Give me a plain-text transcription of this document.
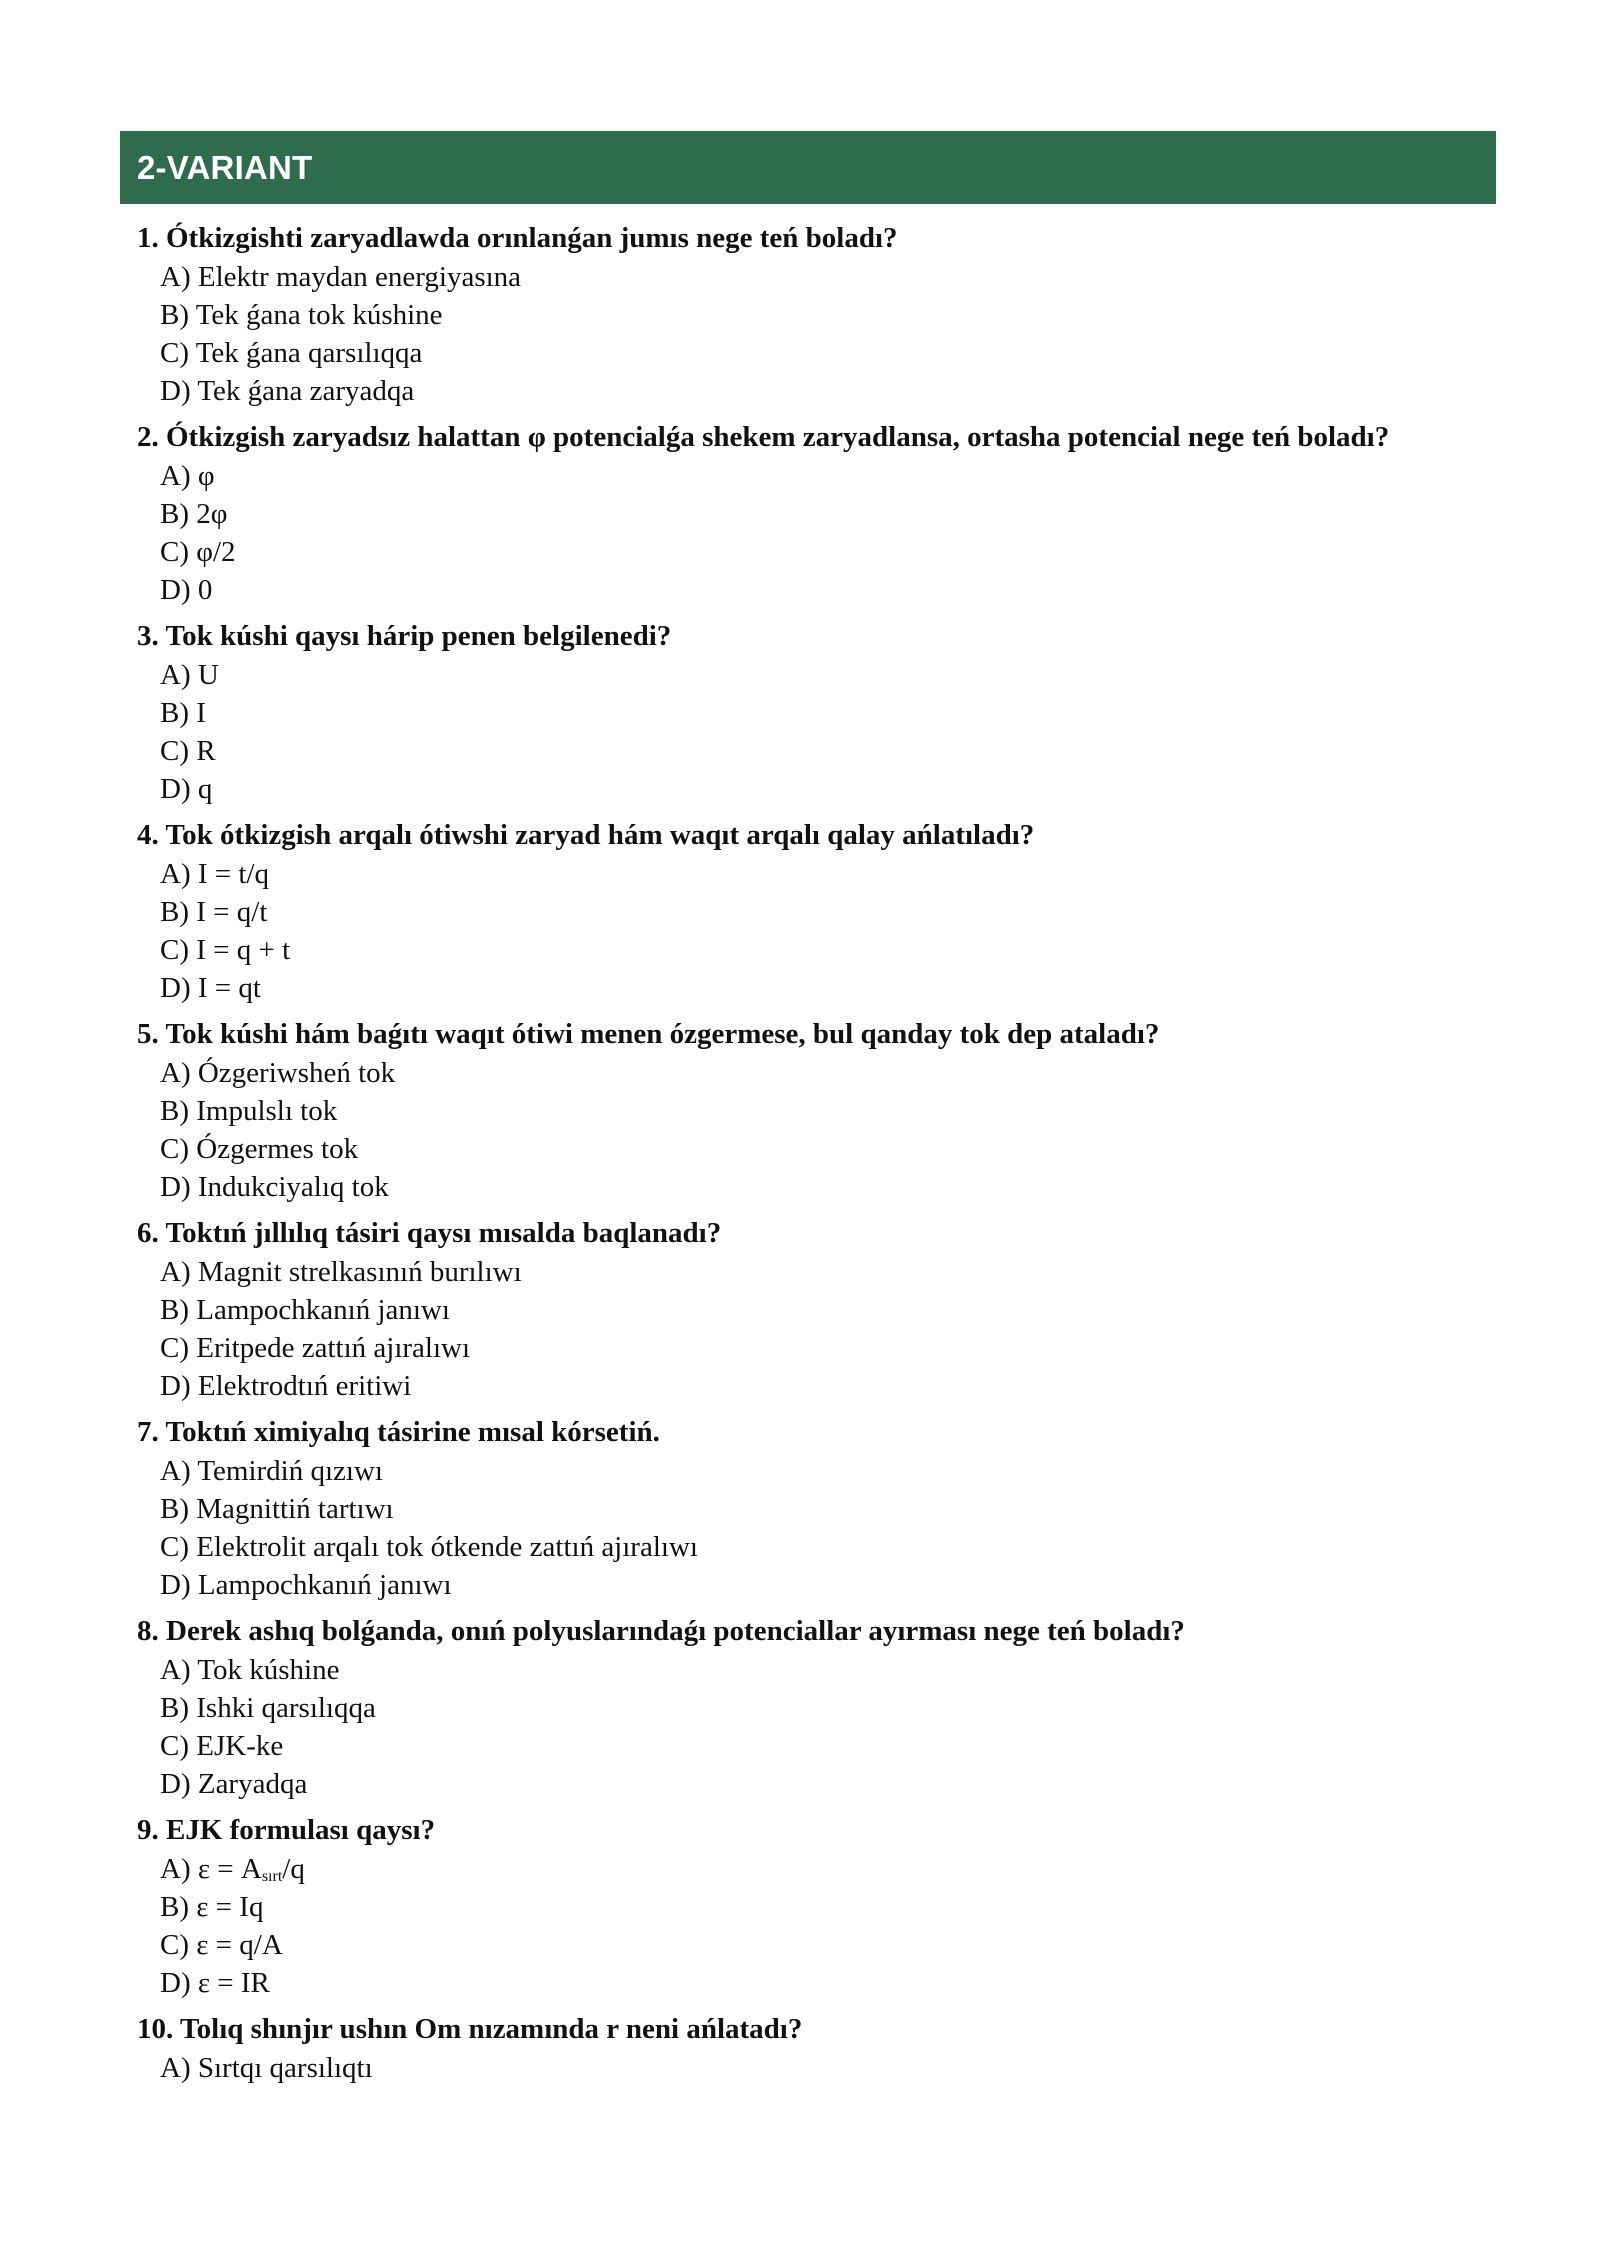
2-VARIANT
1. Ótkizgishti zaryadlawda orınlanǵan jumıs nege teń boladı?
A) Elektr maydan energiyasına
B) Tek ǵana tok kúshine
C) Tek ǵana qarsılıqqa
D) Tek ǵana zaryadqa
2. Ótkizgish zaryadsız halattan φ potencialǵa shekem zaryadlansa, ortasha potencial nege teń boladı?
A) φ
B) 2φ
C) φ/2
D) 0
3. Tok kúshi qaysı hárip penen belgilenedi?
A) U
B) I
C) R
D) q
4. Tok ótkizgish arqalı ótiwshi zaryad hám waqıt arqalı qalay ańlatıladı?
A) I = t/q
B) I = q/t
C) I = q + t
D) I = qt
5. Tok kúshi hám baǵıtı waqıt ótiwi menen ózgermese, bul qanday tok dep ataladı?
A) Ózgeriwsheń tok
B) Impulslı tok
C) Ózgermes tok
D) Indukciyalıq tok
6. Toktıń jıllılıq tásiri qaysı mısalda baqlanadı?
A) Magnit strelkasınıń burılıwı
B) Lampochkanıń janıwı
C) Eritpede zattıń ajıralıwı
D) Elektrodtıń eritiwi
7. Toktıń ximiyalıq tásirine mısal kórsetiń.
A) Temirdiń qızıwı
B) Magnittiń tartıwı
C) Elektrolit arqalı tok ótkende zattıń ajıralıwı
D) Lampochkanıń janıwı
8. Derek ashıq bolǵanda, onıń polyuslarındaǵı potenciallar ayırması nege teń boladı?
A) Tok kúshine
B) Ishki qarsılıqqa
C) EJK-ke
D) Zaryadqa
9. EJK formulası qaysı?
A) ε = Asırt/q
B) ε = Iq
C) ε = q/A
D) ε = IR
10. Tolıq shınjır ushın Om nızamında r neni ańlatadı?
A) Sırtqı qarsılıqtı
